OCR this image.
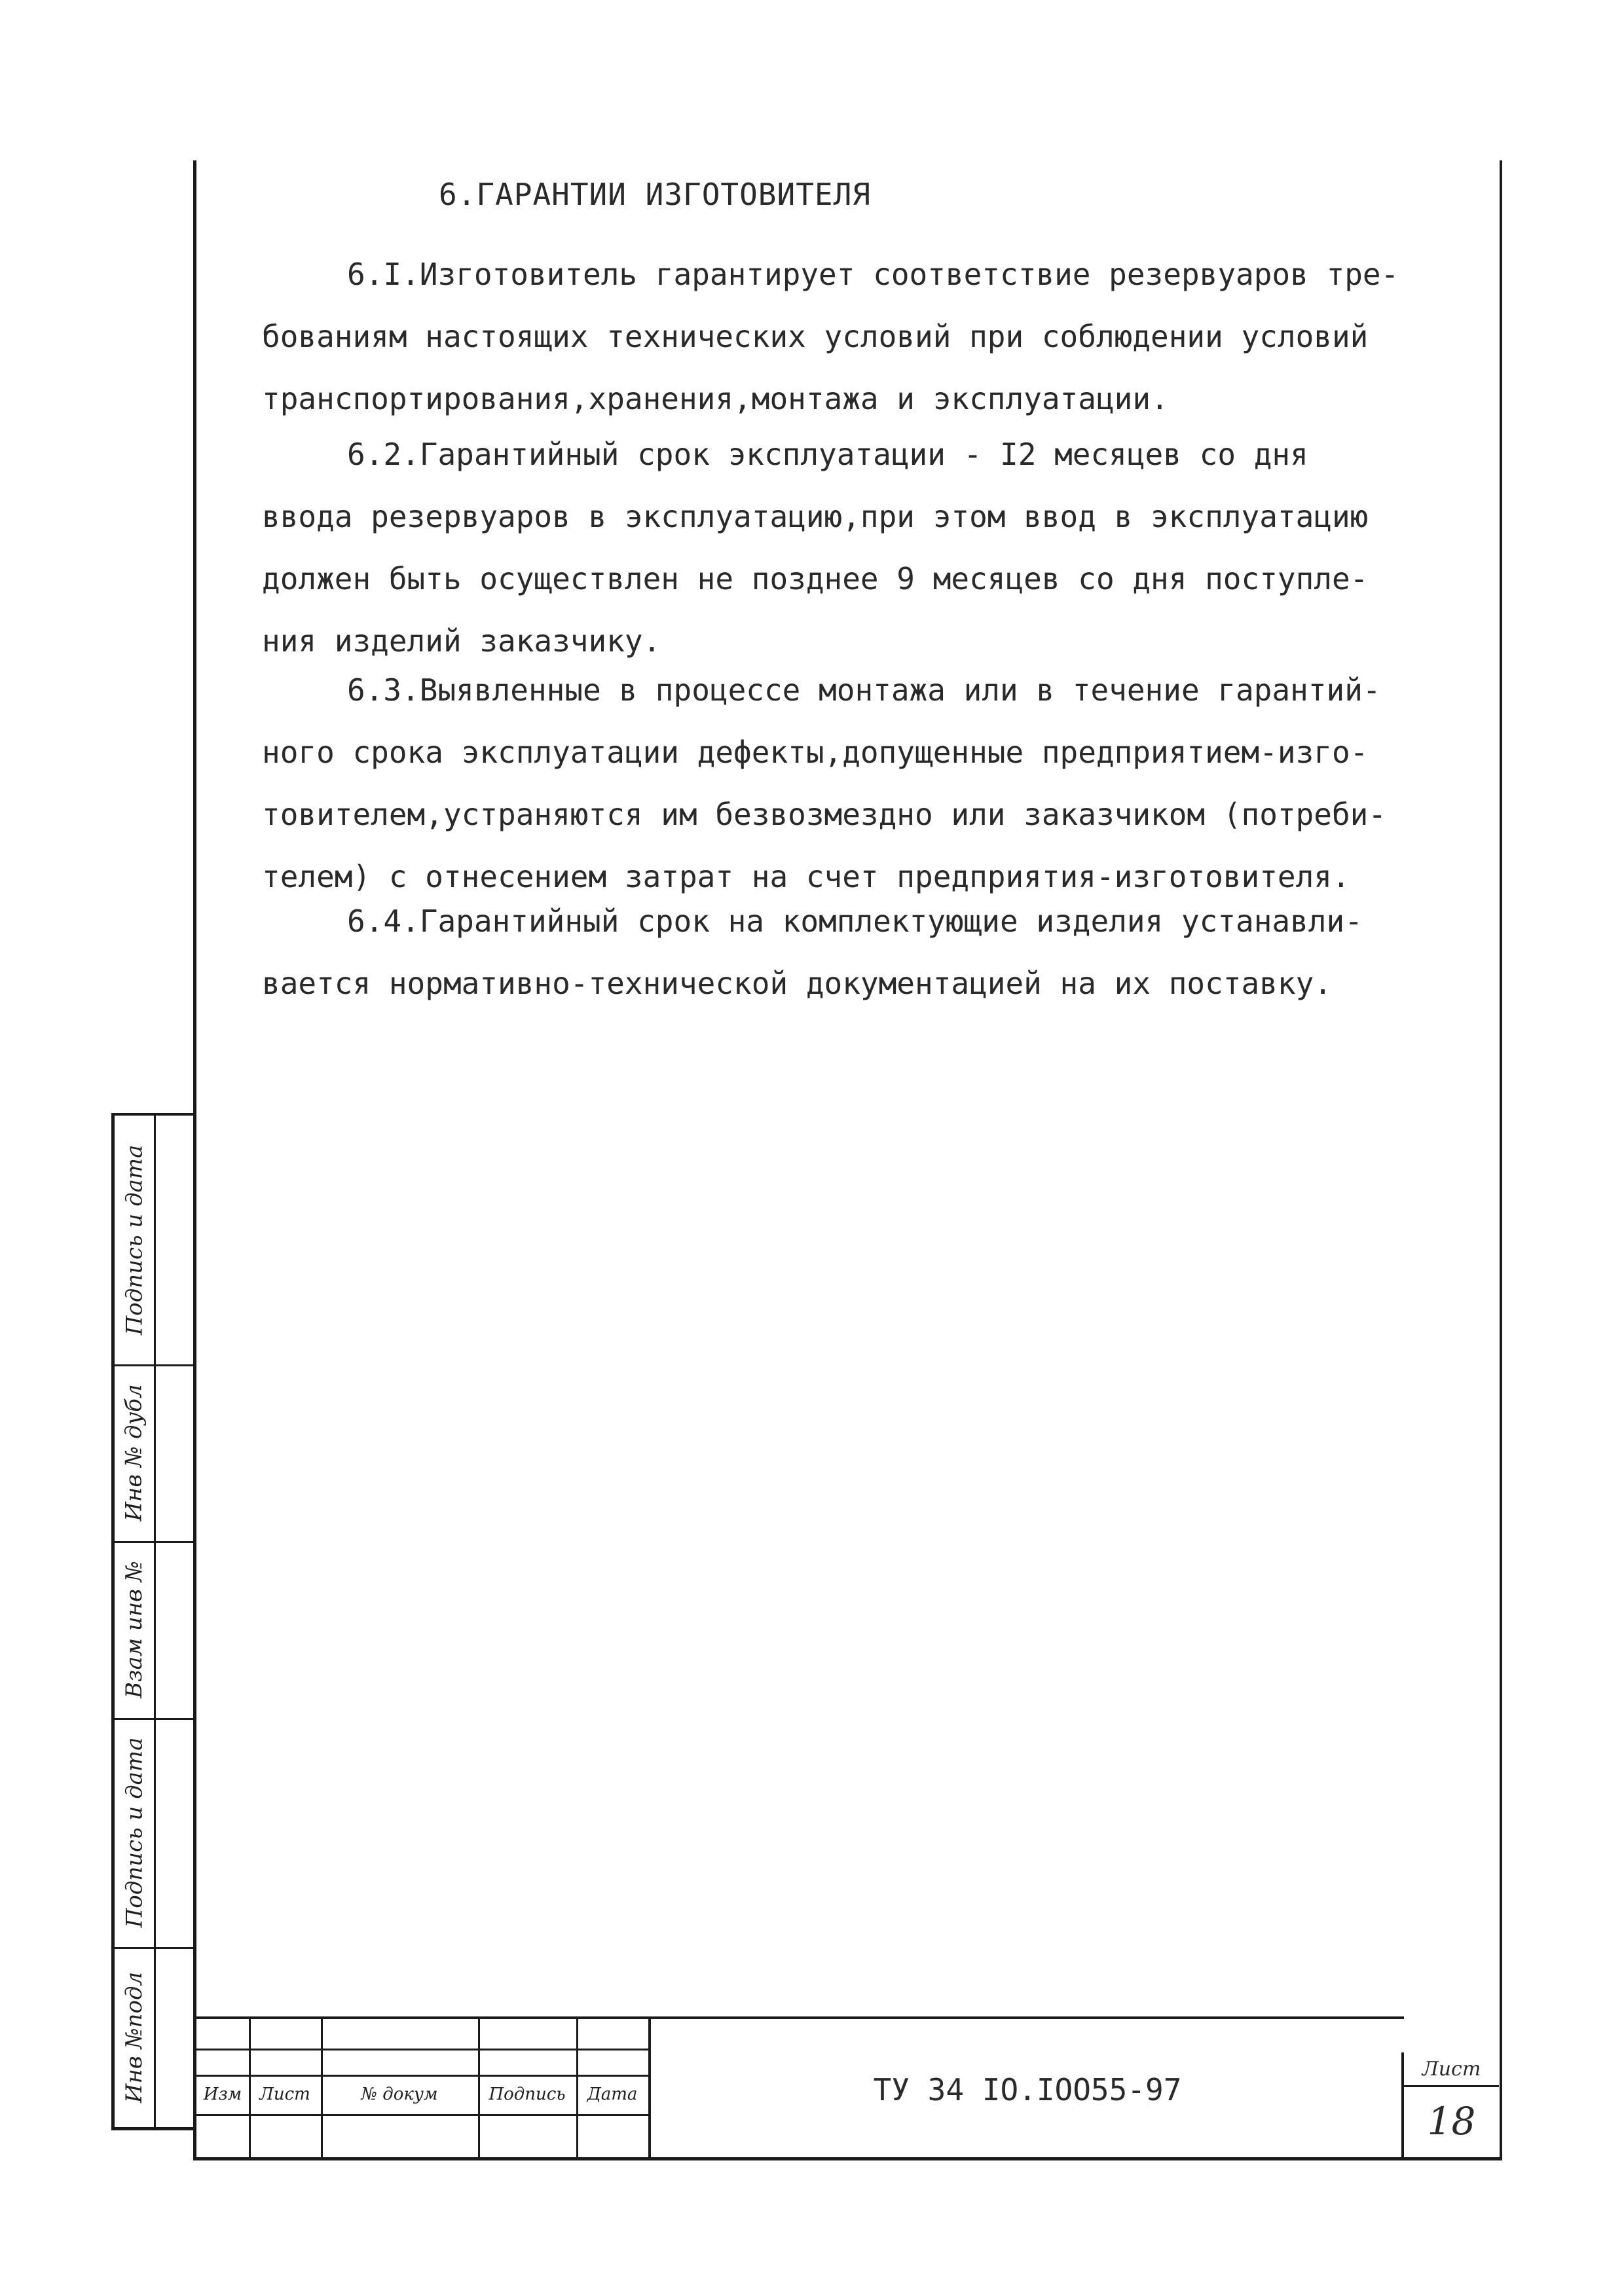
6.ГАРАНТИИ ИЗГОТОВИТЕЛЯ
6.I.Изготовитель гарантирует соответствие резервуаров тре-
бованиям настоящих технических условий при соблюдении условий
транспортирования,хранения,монтажа и эксплуатации.
6.2.Гарантийный срок эксплуатации - I2 месяцев со дня
ввода резервуаров в эксплуатацию,при этом ввод в эксплуатацию
должен быть осуществлен не позднее 9 месяцев со дня поступле-
ния изделий заказчику.
6.3.Выявленные в процессе монтажа или в течение гарантий-
ного срока эксплуатации дефекты,допущенные предприятием-изго-
товителем,устраняются им безвозмездно или заказчиком (потреби-
телем) с отнесением затрат на счет предприятия-изготовителя.
6.4.Гарантийный срок на комплектующие изделия устанавли-
вается нормативно-технической документацией на их поставку.
Инв №подл
Подпись и дата
Взам инв №
Инв № дубл
Подпись и дата
Изм	Лист	№ докум	Подпись	Дата	ТУ 34 IO.IOO55-97
Лист
18
